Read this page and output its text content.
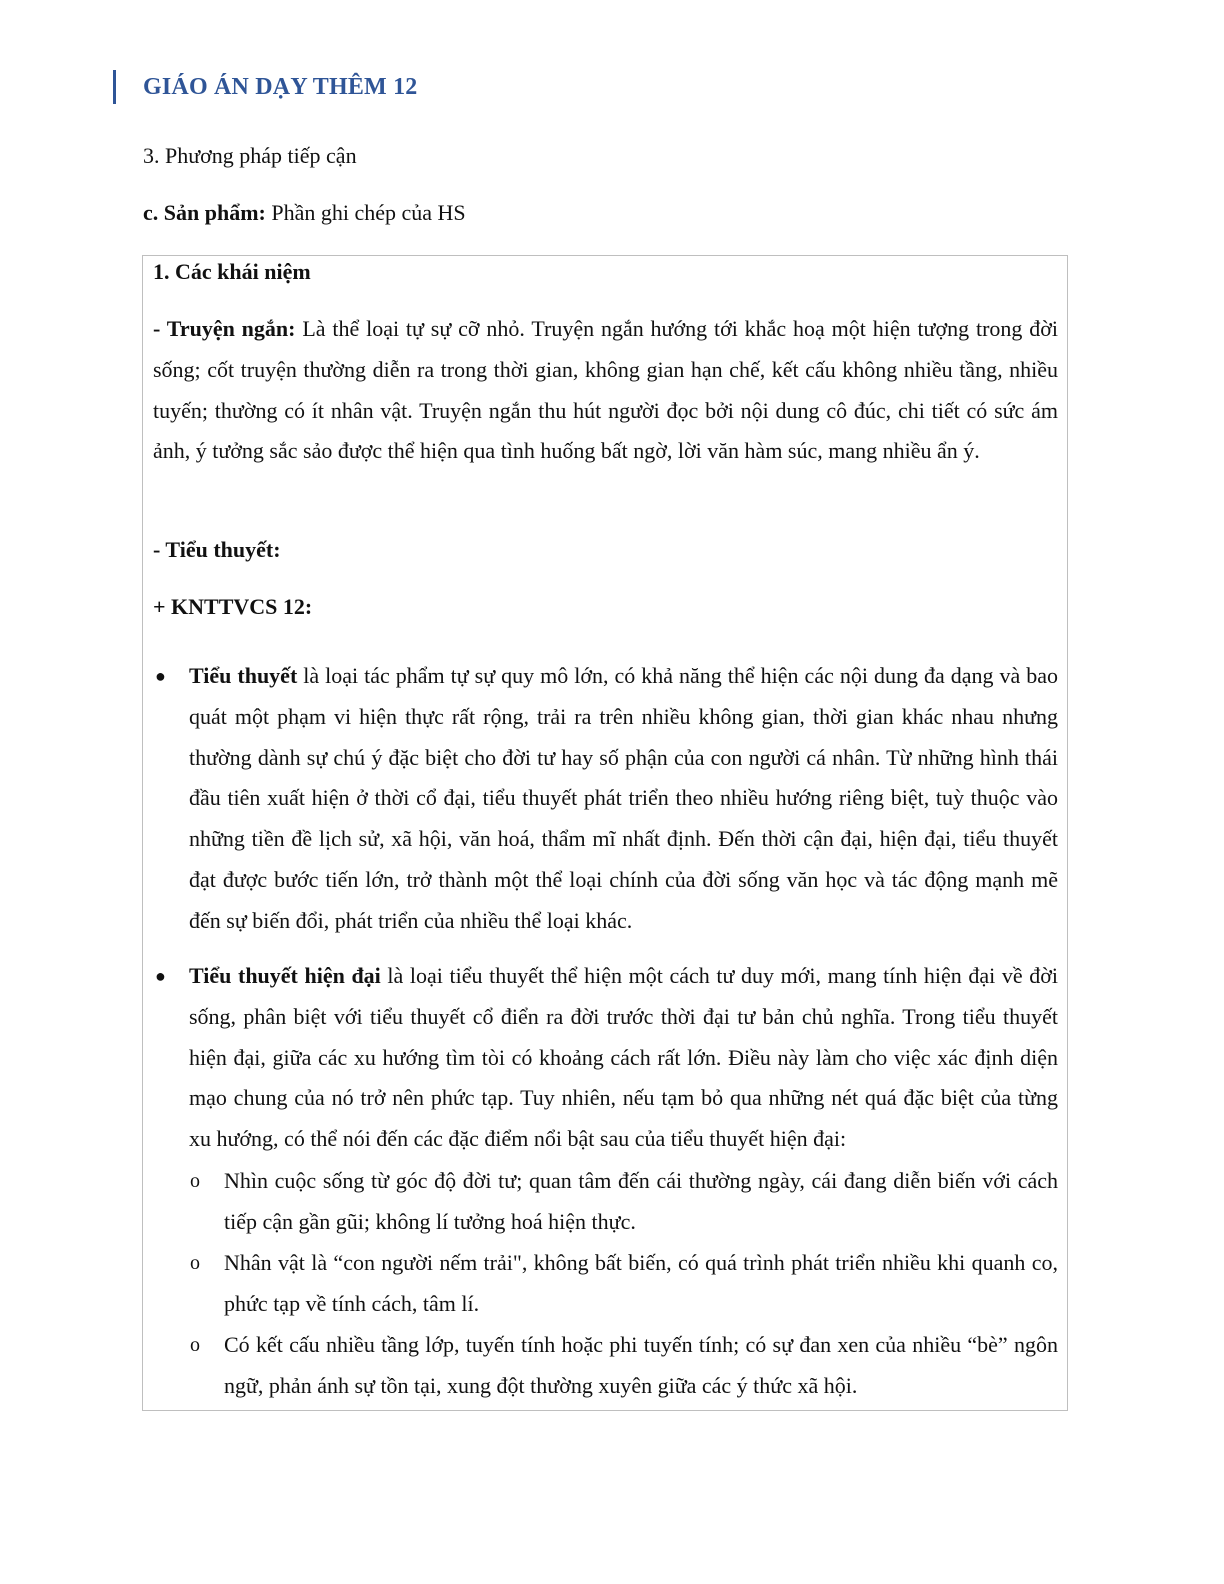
GIÁO ÁN DẠY THÊM 12
3. Phương pháp tiếp cận
c. Sản phẩm: Phần ghi chép của HS

1. Các khái niệm

- Truyện ngắn: Là thể loại tự sự cỡ nhỏ. Truyện ngắn hướng tới khắc hoạ một hiện tượng trong đời sống; cốt truyện thường diễn ra trong thời gian, không gian hạn chế, kết cấu không nhiều tầng, nhiều tuyến; thường có ít nhân vật. Truyện ngắn thu hút người đọc bởi nội dung cô đúc, chi tiết có sức ám ảnh, ý tưởng sắc sảo được thể hiện qua tình huống bất ngờ, lời văn hàm súc, mang nhiều ẩn ý.

- Tiểu thuyết:

+ KNTTVCS 12:

● Tiểu thuyết là loại tác phẩm tự sự quy mô lớn, có khả năng thể hiện các nội dung đa dạng và bao quát một phạm vi hiện thực rất rộng, trải ra trên nhiều không gian, thời gian khác nhau nhưng thường dành sự chú ý đặc biệt cho đời tư hay số phận của con người cá nhân. Từ những hình thái đầu tiên xuất hiện ở thời cổ đại, tiểu thuyết phát triển theo nhiều hướng riêng biệt, tuỳ thuộc vào những tiền đề lịch sử, xã hội, văn hoá, thẩm mĩ nhất định. Đến thời cận đại, hiện đại, tiểu thuyết đạt được bước tiến lớn, trở thành một thể loại chính của đời sống văn học và tác động mạnh mẽ đến sự biến đổi, phát triển của nhiều thể loại khác.

● Tiểu thuyết hiện đại là loại tiểu thuyết thể hiện một cách tư duy mới, mang tính hiện đại về đời sống, phân biệt với tiểu thuyết cổ điển ra đời trước thời đại tư bản chủ nghĩa. Trong tiểu thuyết hiện đại, giữa các xu hướng tìm tòi có khoảng cách rất lớn. Điều này làm cho việc xác định diện mạo chung của nó trở nên phức tạp. Tuy nhiên, nếu tạm bỏ qua những nét quá đặc biệt của từng xu hướng, có thể nói đến các đặc điểm nổi bật sau của tiểu thuyết hiện đại:

o Nhìn cuộc sống từ góc độ đời tư; quan tâm đến cái thường ngày, cái đang diễn biến với cách tiếp cận gần gũi; không lí tưởng hoá hiện thực.

o Nhân vật là “con người nếm trải", không bất biến, có quá trình phát triển nhiều khi quanh co, phức tạp về tính cách, tâm lí.

o Có kết cấu nhiều tầng lớp, tuyến tính hoặc phi tuyến tính; có sự đan xen của nhiều “bè” ngôn ngữ, phản ánh sự tồn tại, xung đột thường xuyên giữa các ý thức xã hội.
